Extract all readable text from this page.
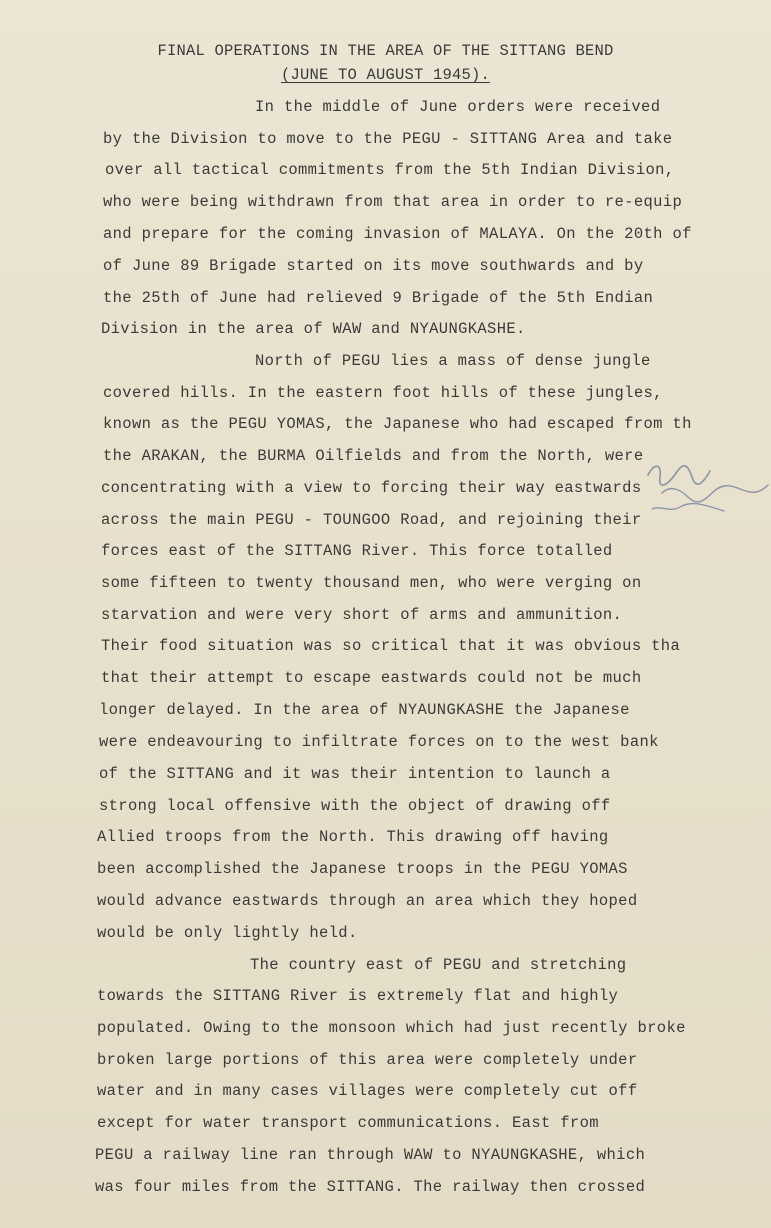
FINAL OPERATIONS IN THE AREA OF THE SITTANG BEND
(JUNE TO AUGUST 1945).
In the middle of June orders were received
by the Division to move to the PEGU - SITTANG Area and take
over all tactical commitments from the 5th Indian Division,
who were being withdrawn from that area in order to re-equip
and prepare for the coming invasion of MALAYA. On the 20th of
of June 89 Brigade started on its move southwards and by
the 25th of June had relieved 9 Brigade of the 5th Endian
Division in the area of WAW and NYAUNGKASHE.
North of PEGU lies a mass of dense jungle
covered hills. In the eastern foot hills of these jungles,
known as the PEGU YOMAS, the Japanese who had escaped from th
the ARAKAN, the BURMA Oilfields and from the North, were
concentrating with a view to forcing their way eastwards
across the main PEGU - TOUNGOO Road, and rejoining their
forces east of the SITTANG River. This force totalled
some fifteen to twenty thousand men, who were verging on
starvation and were very short of arms and ammunition.
Their food situation was so critical that it was obvious tha
that their attempt to escape eastwards could not be much
longer delayed. In the area of NYAUNGKASHE the Japanese
were endeavouring to infiltrate forces on to the west bank
of the SITTANG and it was their intention to launch a
strong local offensive with the object of drawing off
Allied troops from the North. This drawing off having
been accomplished the Japanese troops in the PEGU YOMAS
would advance eastwards through an area which they hoped
would be only lightly held.
The country east of PEGU and stretching
towards the SITTANG River is extremely flat and highly
populated. Owing to the monsoon which had just recently broke
broken large portions of this area were completely under
water and in many cases villages were completely cut off
except for water transport communications. East from
PEGU a railway line ran through WAW to NYAUNGKASHE, which
was four miles from the SITTANG. The railway then crossed
